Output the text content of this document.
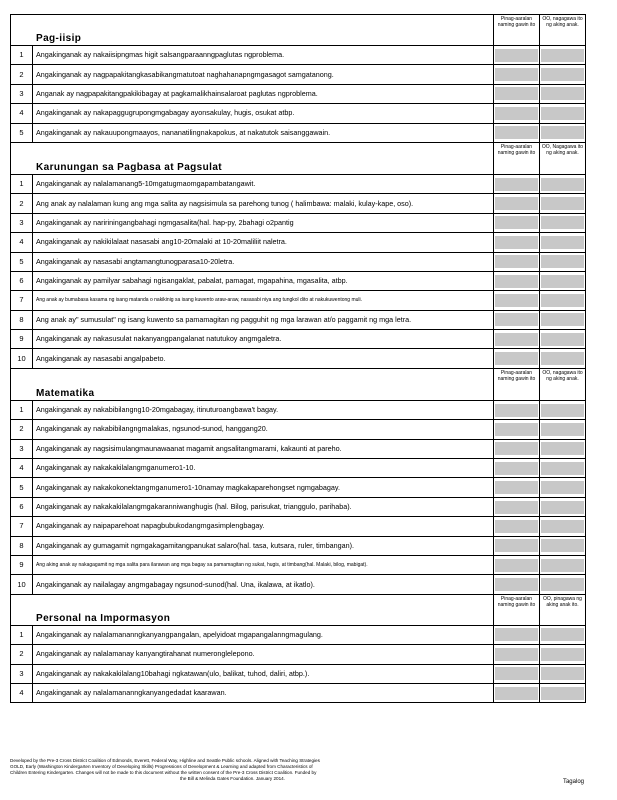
Pag-iisip		Pinag-aaralan naming gawin ito	OO, nagagawa ito ng aking anak.
1	Angakinganak ay nakaiisipngmas higit salsangparaanngpaglutas ngproblema.	

2	Angakinganak ay nagpapakitangkasabikangmatutoat naghahanapngmgasagot samgatanong.	

3	Anganak ay nagpapakitangpakikibagay at pagkamalikhainsalaroat paglutas ngproblema.	

4	Angakinganak ay nakapaggugrupongmgabagay ayonsakulay, hugis, osukat atbp.	

5	Angakinganak ay nakauupongmaayos, nananatilingnakapokus, at nakatutok saisanggawain.	

Karunungan sa Pagbasa at Pagsulat		Pinag-aaralan naming gawin ito	OO, Nagagawa ito ng aking anak.
1	Angakinganak ay nalalamanang5-10mgatugmaomgapambatangawit.	

2	Ang anak ay nalalaman kung ang mga salita ay nagsisimula sa parehong tunog ( halimbawa: malaki, kulay-kape, oso).	

3	Angakinganak ay naririningangbahagi ngmgasalita(hal. hap-py, 2bahagi o2pantig	

4	Angakinganak ay nakikilalaat nasasabi ang10-20malaki at 10-20maliliit naletra.	

5	Angakinganak ay nasasabi angtamangtunogparasa10-20letra.	

6	Angakinganak ay pamilyar sabahagi ngisangaklat, pabalat, pamagat, mgapahina, mgasalita, atbp.	

7	Ang anak ay bumabasa kasama ng isang matanda o nakikinig sa isang kuwento araw-araw, nasasabi niya ang tungkol dito at nakukuwentong muli.	

8	Ang anak ay" sumusulat" ng isang kuwento sa pamamagitan ng pagguhit ng mga larawan at/o paggamit ng mga letra.	

9	Angakinganak ay nakasusulat nakanyangpangalanat natutukoy angmgaletra.	

10	Angakinganak ay nasasabi angalpabeto.	

Matematika		Pinag-aaralan naming gawin ito	OO, nagagawa ito ng aking anak.
1	Angakinganak ay nakabibilangng10-20mgabagay, itinuturoangbawa't bagay.	

2	Angakinganak ay nakabibilangngmalakas, ngsunod-sunod, hanggang20.	

3	Angakinganak ay nagsisimulangmaunawaanat magamit angsalitangmarami, kakaunti at pareho.	

4	Angakinganak ay nakakakilalangmganumero1-10.	

5	Angakinganak ay nakakokonektangmganumero1-10namay magkakaparehongset ngmgabagay.	

6	Angakinganak ay nakakakilalangmgakaranniwanghugis (hal. Bilog, parisukat, trianggulo, parihaba).	

7	Angakinganak ay naipaparehoat napagbubukodangmgasimplengbagay.	

8	Angakinganak ay gumagamit ngmgakagamitangpanukat salaro(hal. tasa, kutsara, ruler, timbangan).	

9	Ang aking anak ay nakagagamit ng mga salita para ilarawan ang mga bagay sa pamamagitan ng sukat, hugis, at timbang(hal. Malaki, bilog, mabigat).	

10	Angakinganak ay nailalagay angmgabagay ngsunod-sunod(hal. Una, ikalawa, at ikatlo).	

Personal na Impormasyon		Pinag-aaralan naming gawin ito	OO, pinagawa ng aking anak ito.
1	Angakinganak ay nalalamananngkanyangpangalan, apelyidoat mgapangalanngmagulang.	

2	Angakinganak ay nalalamanay kanyangtirahanat numeronglelepono.	

3	Angakinganak ay nakakakilalang10bahagi ngkatawan(ulo, balikat, tuhod, daliri, atbp.).	

4	Angakinganak ay nalalamananngkanyangedadat kaarawan.	

Developed by the Pre-3 Cross District Coalition of Edmonds, Everett, Federal Way, Highline and Seattle Public schools. Aligned with Teaching Strategies
GOLD, Early (Washington Kindergarten Inventory of Developing Skills) Progressions of Development & Learning and adapted from Characteristics of
Children Entering Kindergarten. Changes will not be made to this document without the written consent of the Pre-3 Cross District Coalition. Funded by
the Bill & Melinda Gates Foundation. January 2014.
Tagalog
